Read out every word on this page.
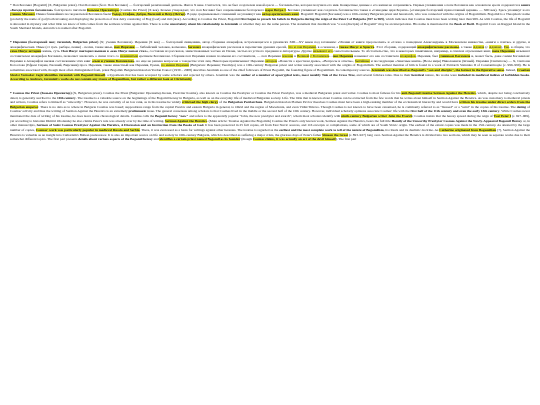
* Поп Богомил (Bogomil) (X, Bulgarian priest). Поп Богомил (болг. Поп Богомил) — болгарский религиозный деятель. Жил в X веке. Считается, что он был создателем новой ереси — богомильства, которая получила его имя. Конкретные данные о его жизни не сохранились. Первые упоминания о попе Богомиле как основателе ереси содержатся в книге «Беседа против богомилов» болгарского писателя Козьмы Пресвитера (Cosmas the Priest) (X век). Козьма утверждает, что поп Богомил был современником болгарского царя Петра I. Богомил упоминает как создатель богомильства также в «Синодике царя Борила» («Синодик болгарский православный церкви» — XIII век). Здесь упомянут и его ученик Михаил. Имена ближайших последователей Богомила были Тодор, Стефан, Добри, Василий и Петр (Петър). В ряде средневековых сочинений он упомянут как автор еретических книг. Bogomil: Bogomil (Богомил) was a 10th-century Bulgarian priest and heresiarch, who was connected with the origins of Bogomilism. Bogomil is a Theophoric name (probably the name of god) both invoking and displaying the protection of that deity consisting of Bog (God) and mil (dear). According to Cosmas the Priest, Bogomil first began to preach his beliefs in Bulgaria during the reign of the Peter I of Bulgaria (927 to 969), which indicates that Cosmas must have been writing later than 969. As with Cosmas, the life of Bogomil is shrouded in mystery and what little we know of him comes from the sermons written against him. There is some uncertainty about his relationship to Jeremiah or whether they are the same person. The statement that Jeremiah was "a son (disciple) of Bogomil" may be an interpolation. His name is mentioned in the Book of Boril. Bogomil Cove on Rugged Island in the South Shetland Islands, Antarctica is named after Bogomil.

* Иеремия (болгарский поп; Jeremiah, Bulgarian priest) (X; ученик Богомила). Иеремия (X век) — болгарский священник, автор сборника апокрифов, встречающегося в рукописях XIII—XV веков под заглавием: «Чтения от книги пророческих» и «Слово о пошедшем Александрии» в Московском княжестве, «книги о платке» и другие, и апокрифических. Иные (от греч. рыбаре, пение) - песни, также иные, поп Иеремия — библейский человек, возможно, богомил апокрифических рассказов и переписчик древних ересей, что и сам Иеремия, в основном, а также Иисус и Христа. Этот сборник, содержащий апокрифические рассказы, а также Адамов (с Адамом), Ева, в общем, это само Иисус истории жизнь, суть. Поп Иисус повторил вызван в «как Иисус попом стал», составлен из рассказов, заимствованных частью из Палеи, частью из устного предания и литературы. Другие называют его самостоятельным. То обстоятельство, что в некоторых памятниках, например, в списках отреченных книг, попа Иеремию называют составителем апокрифов Богомила, позволяет заключать о связи этого со знаменитым еретиком Богомилом. Сборник поп Иеремии назван по имени его составителя, — поп Иеремия показан в Великой с Богомилом…поп Иеремия называют его как составителя апокрифов, Иеремия, был учеником Богомила и, может быть, даже самим Богомилом: Иеремия в Апокрифах вызвав составлением этих книг «сын и ученик Богомилов», но еще не решена вопросом о тождестве этих лиц. Некоторые приписывают Иеремию автором «Повести о крестном древе», «Вопросы и ответы», бытийные и последующие «Заветные книги» (Весы мира) Николаевича (Ясный). Иеремия (Святитель) — X, Святоша Богослова (Ефрем Сирин, Евсевий, Вирсавия) проч. Иеремия, также известный как Иеремия, Ерема, по имени Иеремия (Bulgarian: Иеремия; Yeremiya) was a 10th-century Bulgarian priest and writer usually associated with the origins of Bogomilism. The earliest mention of him is found in a work of Patriarch Sisinnius II of Constantinople (c. 996–999). He is sometimes associated with, though most often distinguished from, priest Bogomil. Bulgarian historian Yordan Ivanov (1939 – 2008) describes Jeremiah as one of the chief followers of Priest Bogomil, the founding figure of Bogomilism. In contemporary sources, Jeremiah was described as Bogomil's "son and disciple", the former in the figurative sense. Indeed, Croatian Slavist Vatroslav Jagić identifies Jeremiah with Bogomil himself, a hypothesis that has been accepted by some scholars and rejected by others. Jeremiah was the author of a number of apocryphal texts, most notably Tale of the Cross Tree, and several folklore tales. Due to their heretical nature, his works were included in medieval indices of forbidden books. According to Andreev, Jeremiah's works do not contain any traces of Bogomilism, but rather a different look at Christianity.

* Cosmas the Priest (Козьма Пресвитер) (X, Bulgarian priest). Cosmas the Priest (Bulgarian: Презвитер Козма, Prezviter Kozma), also known as Cosmas the Presbyter or Cosmas the Priest Presbyter, was a medieval Bulgarian priest and writer. Cosmas is most famous for his anti-Bogomil treatise Sermon Against the Heretics, which, despite not being conclusively dated, is generally ascribed to the 10th century. The treatise is a valuable source on the beginnings of the Bogomil heresy in Bulgaria, as well as on the everyday life of medieval Bulgarian society. Life. The little that is known about Cosmas can be extracted from the few words that he writes about himself in Sermon Against the Heretics. As was customary to medieval priests and writers, Cosmas refers to himself as "unworthy". However, he was certainly of an low rank, as in his treatise he widely criticised the high clergy of the Bulgarian Patriarchate. Bulgarian historian Plamen Pavlov theorises Cosmas must have been a high-ranking member of the ecclesiastical hierarchy and would have written his treatise under direct orders from the Bulgarian emperor. There is no data as to where in Bulgaria Cosmas was based; suppositions range from the capital Preslav and eastern Bulgaria in general, to Ohrid and the region of Macedonia, and even Vidin/Timovo. Though Cosmas is not known to have been canonised, he is commonly referred to as "blessed" or a "saint" in the copies of his treatise. The dating of Cosmas' activity and thus the writing of Sermon Against the Heretics is an extremely problematic issue. The general consensus among scholars is that Cosmas lived in the middle or the second half of the 10th century. However, individual scholarly opinions associate Cosmas' life with the first half of the 11th century and even the early 13th century. While Cosmas never mentioned the date of writing of his treatise, he does leave some chronological details. Cosmas calls the Bogomil heresy "new" and refers to the apparently popular "John, the new presbyter and exarch", whom most scholars identify with ninth-century Bulgarian writer John the Exarch; Cosmas insists that the heresy spread during the reign of Tsar Peter I (r. 927–969), yet according to historian Dimitri Obolensky he also claims Peter's rule was already over by the time of writing. Sermon Against the Heretics. (Main article: Treatise Against the Bogomils) Cosmas the Priest's only known work, Sermon Against the Heretics, bears the full title Homily of the Unworthy Presbyter Cosmas Against the Newly-Appeared Bogomil Heresy or, in other manuscripts, Sermon of Saint Cosmas Presbyter Against the Heretics, A Discussion and an Instruction from the Books of God. It has been preserved in 25 full copies, all from East Slavic sources, and 116 excerpts or compilations, some of which are of South Slavic origin. The earliest of the extant copies was made in the 15th century. As attested by the large number of copies, Cosmas' work was particularly popular in medieval Russia and Serbia. There, it was even used as a basis for writings against other heresies. The treatise is regarded as the earliest and the most complete work to tell of the nature of Bogomilism, its rituals and its dualistic doctrine. As Catherine originated from Bogomilism [?], Sermon Against the Heretics is valuable as an insight into Catharism's Balkan predecessor. It is also an important source on life and society in 10th-century Bulgaria, which is described as suffering a major crisis, the glorious days of Peter's father Simeon the Great (r. 893–927) long over. Sermon Against the Heretics is divided into two sections, which may be seen as separate works due to their somewhat different topics. The first part presents details about various aspects of the Bogomil heresy and identifies a certain priest named Bogomil as its founder (though Cosmas claims, it was actually an act of the devil himself). The first part
